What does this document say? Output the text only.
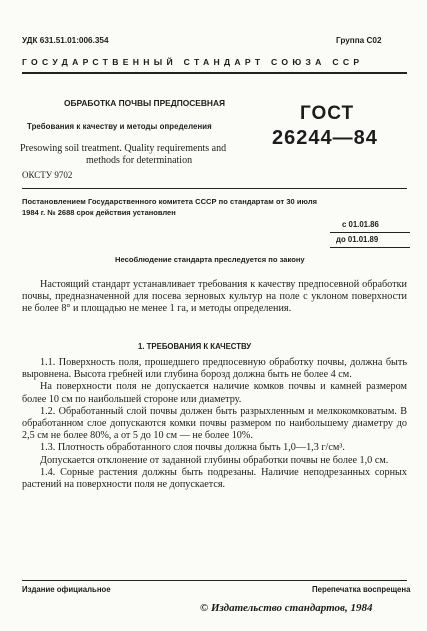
УДК 631.51.01:006.354	Группа С02
ГОСУДАРСТВЕННЫЙ СТАНДАРТ СОЮЗА ССР
ОБРАБОТКА ПОЧВЫ ПРЕДПОСЕВНАЯ
Требования к качеству и методы определения
Presowing soil treatment. Quality requirements and
methods for determination
ОКСТУ 9702
ГОСТ
26244—84
Постановлением Государственного комитета СССР по стандартам от 30 июля
1984 г. № 2688 срок действия установлен
с 01.01.86
до 01.01.89
Несоблюдение стандарта преследуется по закону
Настоящий стандарт устанавливает требования к качеству предпосевной обработки почвы, предназначенной для посева зерновых культур на поле с уклоном поверхности не более 8° и площадью не менее 1 га, и методы определения.
1. ТРЕБОВАНИЯ К КАЧЕСТВУ
1.1. Поверхность поля, прошедшего предпосевную обработку почвы, должна быть выровнена. Высота гребней или глубина борозд должна быть не более 4 см.
На поверхности поля не допускается наличие комков почвы и камней размером более 10 см по наибольшей стороне или диаметру.
1.2. Обработанный слой почвы должен быть разрыхленным и мелкокомковатым. В обработанном слое допускаются комки почвы размером по наибольшему диаметру до 2,5 см не более 80%, а от 5 до 10 см — не более 10%.
1.3. Плотность обработанного слоя почвы должна быть 1,0—1,3 г/см³.
Допускается отклонение от заданной глубины обработки почвы не более 1,0 см.
1.4. Сорные растения должны быть подрезаны. Наличие неподрезанных сорных растений на поверхности поля не допускается.
Издание официальное	Перепечатка воспрещена
© Издательство стандартов, 1984
